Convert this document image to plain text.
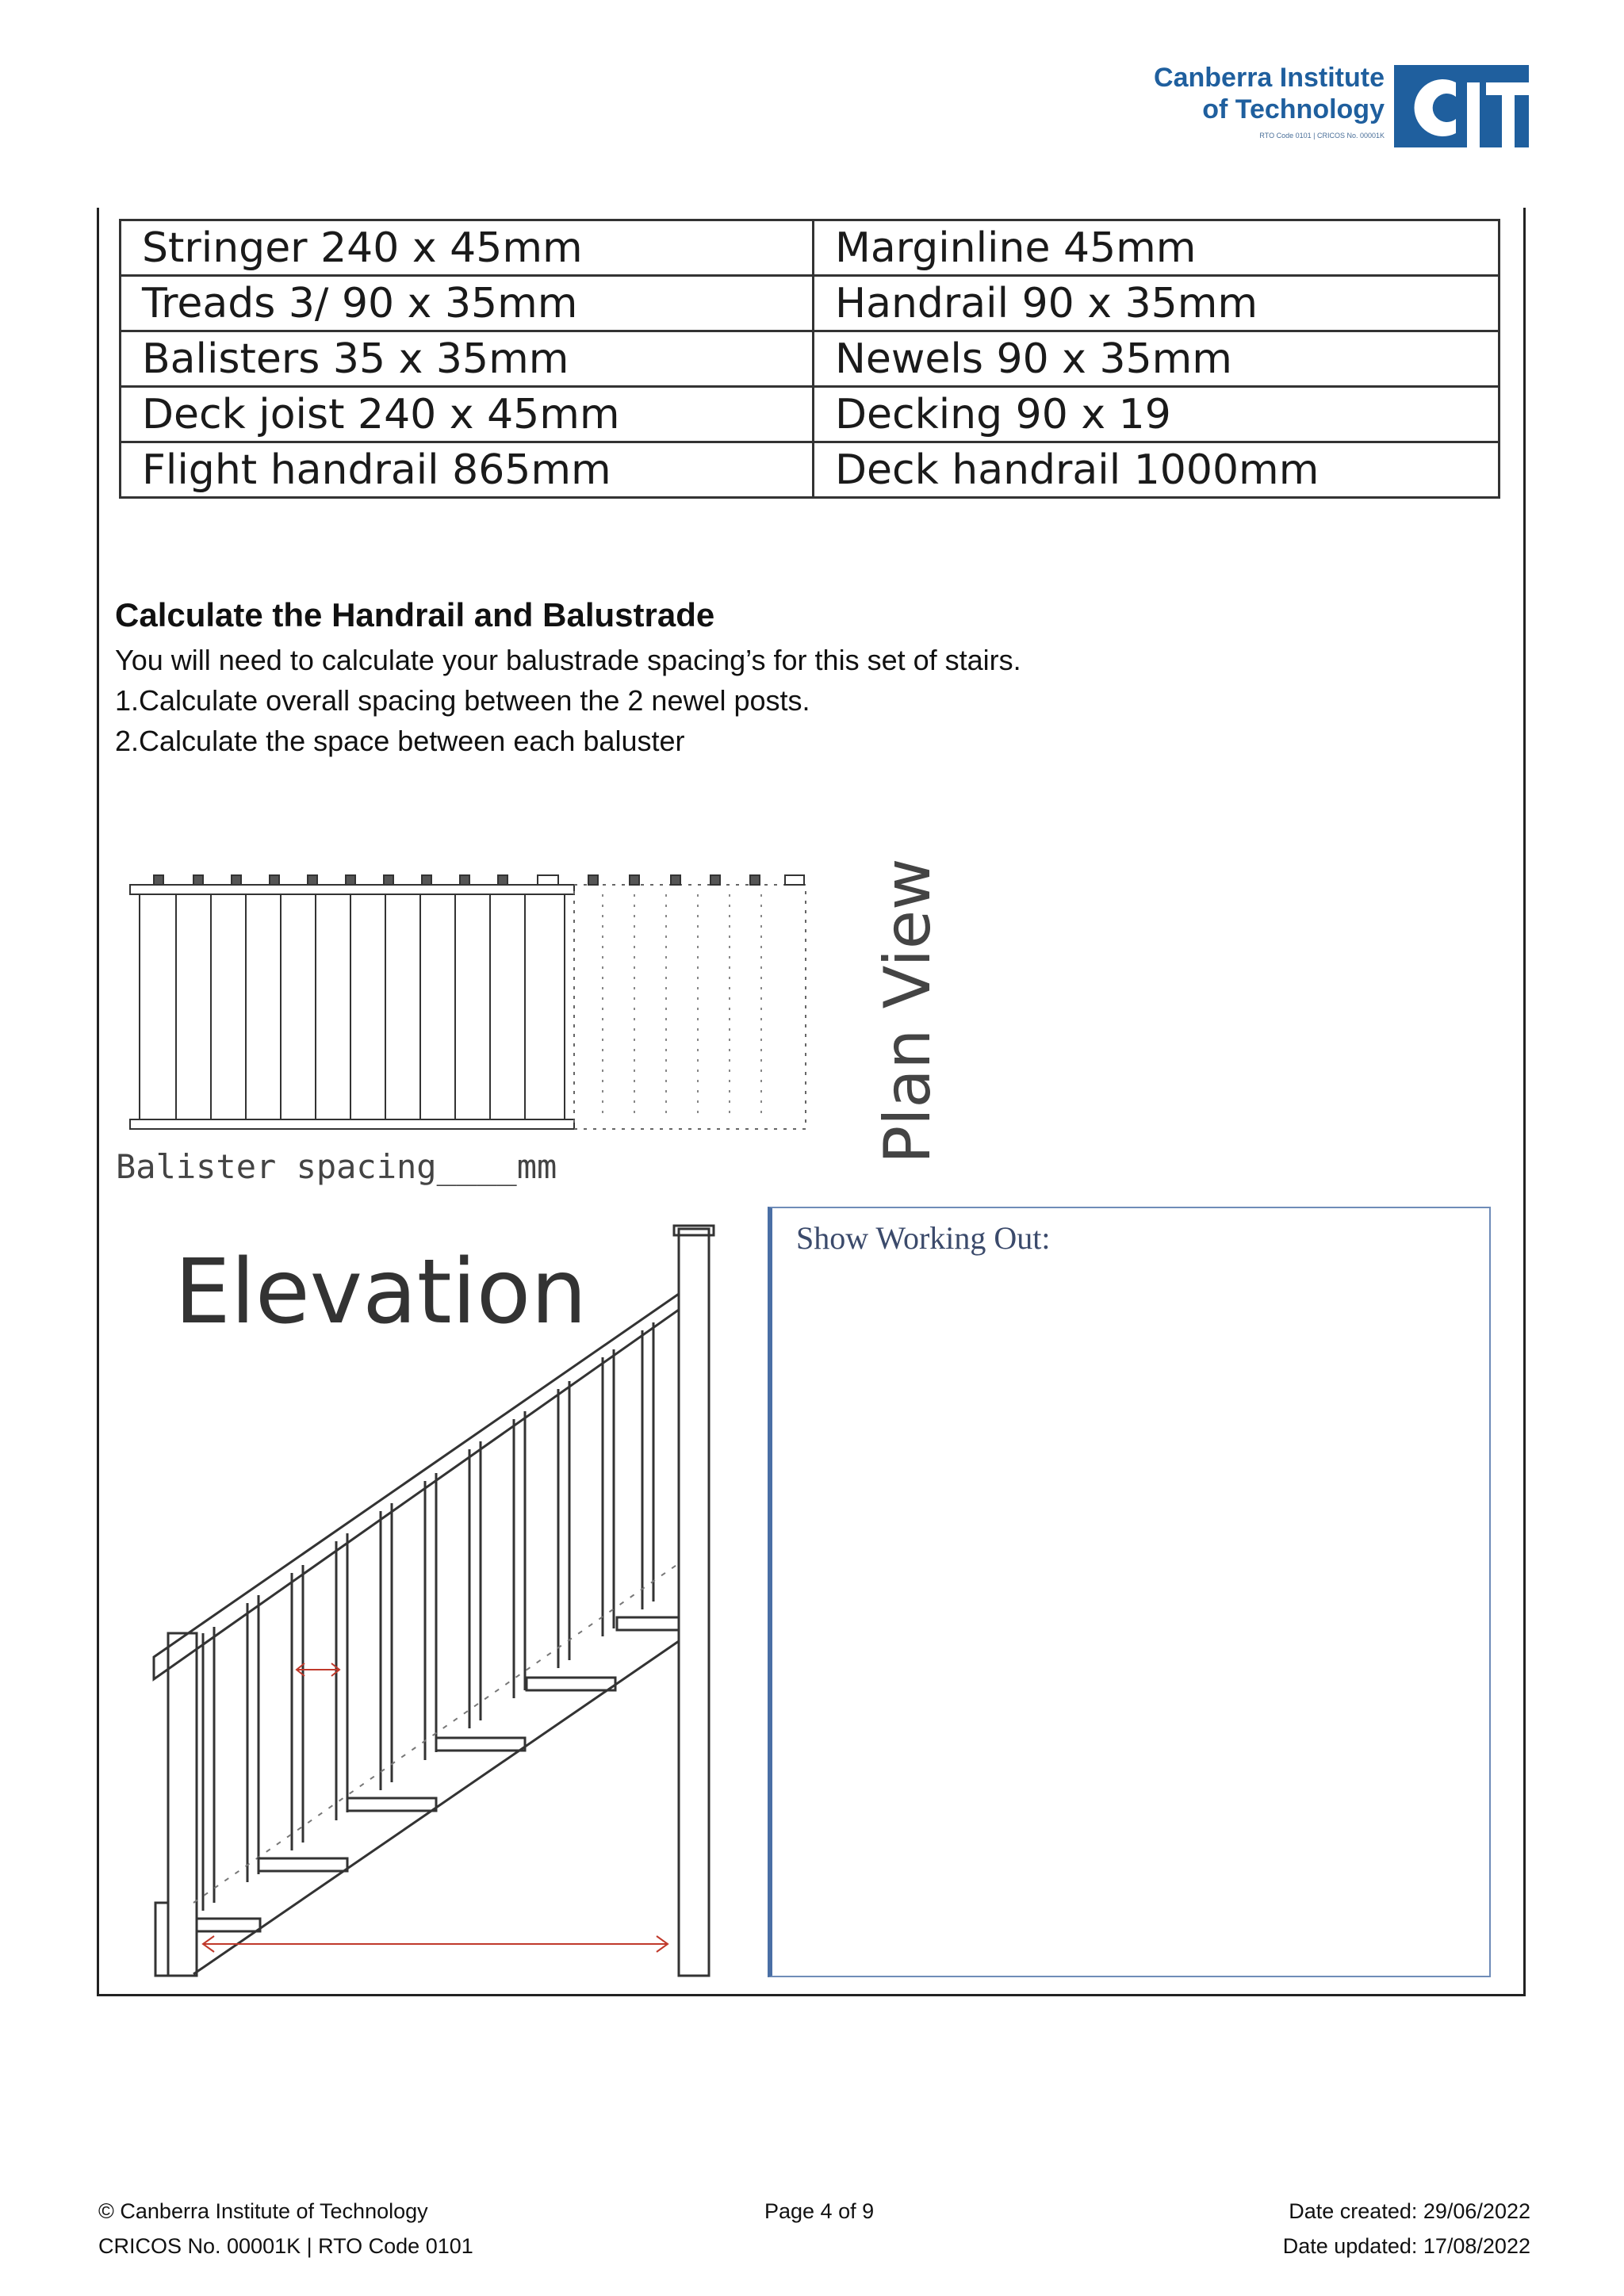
Canberra Institute
of Technology
RTO Code 0101 | CRICOS No. 00001K
Stringer 240 x 45mm	Marginline 45mm
Treads 3/ 90 x 35mm	Handrail 90 x 35mm
Balisters 35 x 35mm	Newels 90 x 35mm
Deck joist 240 x 45mm	Decking 90 x 19
Flight handrail 865mm	Deck handrail 1000mm
Calculate the Handrail and Balustrade
You will need to calculate your balustrade spacing’s for this set of stairs.
1.Calculate overall spacing between the 2 newel posts.
2.Calculate the space between each baluster
Plan View
Balister spacing____mm
Elevation
Show Working Out:
© Canberra Institute of Technology
CRICOS No. 00001K | RTO Code 0101
Page 4 of 9	Date created: 29/06/2022
Date updated: 17/08/2022
